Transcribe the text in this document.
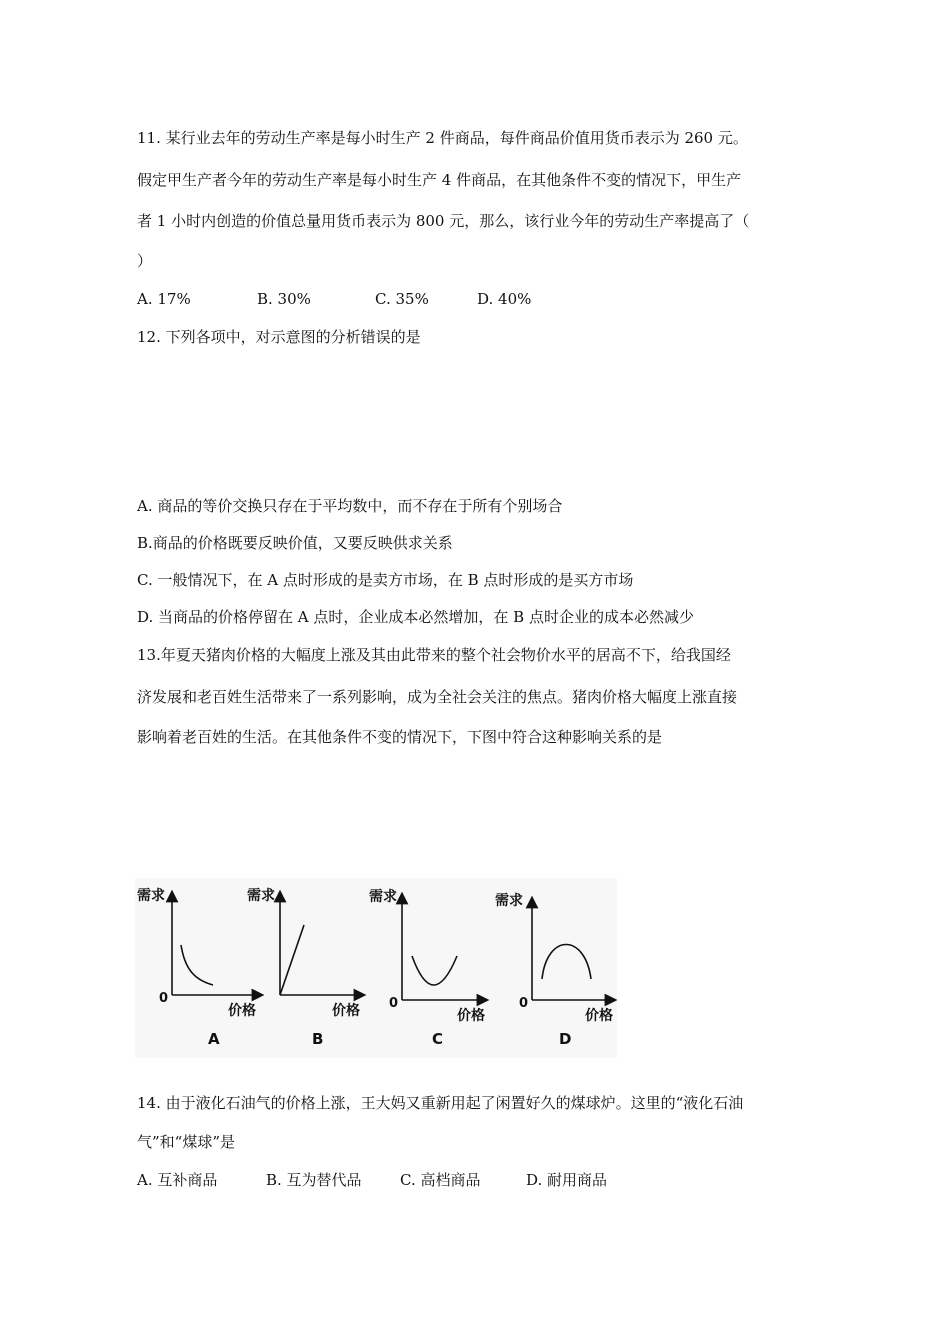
11. 某行业去年的劳动生产率是每小时生产 2 件商品，每件商品价值用货币表示为 260 元。
假定甲生产者今年的劳动生产率是每小时生产 4 件商品，在其他条件不变的情况下，甲生产
者 1 小时内创造的价值总量用货币表示为 800 元，那么，该行业今年的劳动生产率提高了（
）
A. 17%	B. 30%	C. 35%	D. 40%
12. 下列各项中，对示意图的分析错误的是
A. 商品的等价交换只存在于平均数中，而不存在于所有个别场合
B.商品的价格既要反映价值，又要反映供求关系
C. 一般情况下，在 A 点时形成的是卖方市场，在 B 点时形成的是买方市场
D. 当商品的价格停留在 A 点时，企业成本必然增加，在 B 点时企业的成本必然减少
13.年夏天猪肉价格的大幅度上涨及其由此带来的整个社会物价水平的居高不下，给我国经
济发展和老百姓生活带来了一系列影响，成为全社会关注的焦点。猪肉价格大幅度上涨直接
影响着老百姓的生活。在其他条件不变的情况下，下图中符合这种影响关系的是
需求
0
价格
A
需求
价格
B
需求
0
价格
C
需求
0
价格
D
14. 由于液化石油气的价格上涨，王大妈又重新用起了闲置好久的煤球炉。这里的“液化石油
气”和“煤球”是
A. 互补商品	B. 互为替代品	C. 高档商品	D. 耐用商品
